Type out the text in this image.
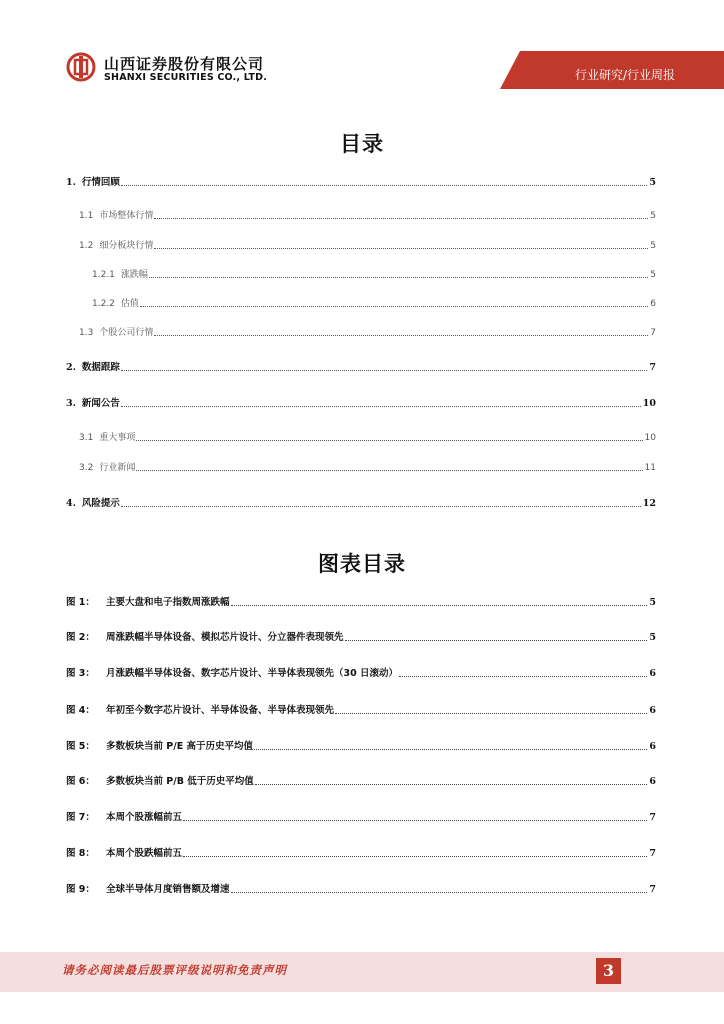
山西证券股份有限公司
SHANXI SECURITIES CO., LTD.	行业研究/行业周报
目录
1. 行情回顾	5
1.1 市场整体行情	5
1.2 细分板块行情	5
1.2.1 涨跌幅	5
1.2.2 估值	6
1.3 个股公司行情	7
2. 数据跟踪	7
3. 新闻公告	10
3.1 重大事项	10
3.2 行业新闻	11
4. 风险提示	12
图表目录
图 1：	主要大盘和电子指数周涨跌幅	5
图 2：	周涨跌幅半导体设备、模拟芯片设计、分立器件表现领先	5
图 3：	月涨跌幅半导体设备、数字芯片设计、半导体表现领先（30 日滚动）	6
图 4：	年初至今数字芯片设计、半导体设备、半导体表现领先	6
图 5：	多数板块当前 P/E 高于历史平均值	6
图 6：	多数板块当前 P/B 低于历史平均值	6
图 7：	本周个股涨幅前五	7
图 8：	本周个股跌幅前五	7
图 9：	全球半导体月度销售额及增速	7
请务必阅读最后股票评级说明和免责声明	3
